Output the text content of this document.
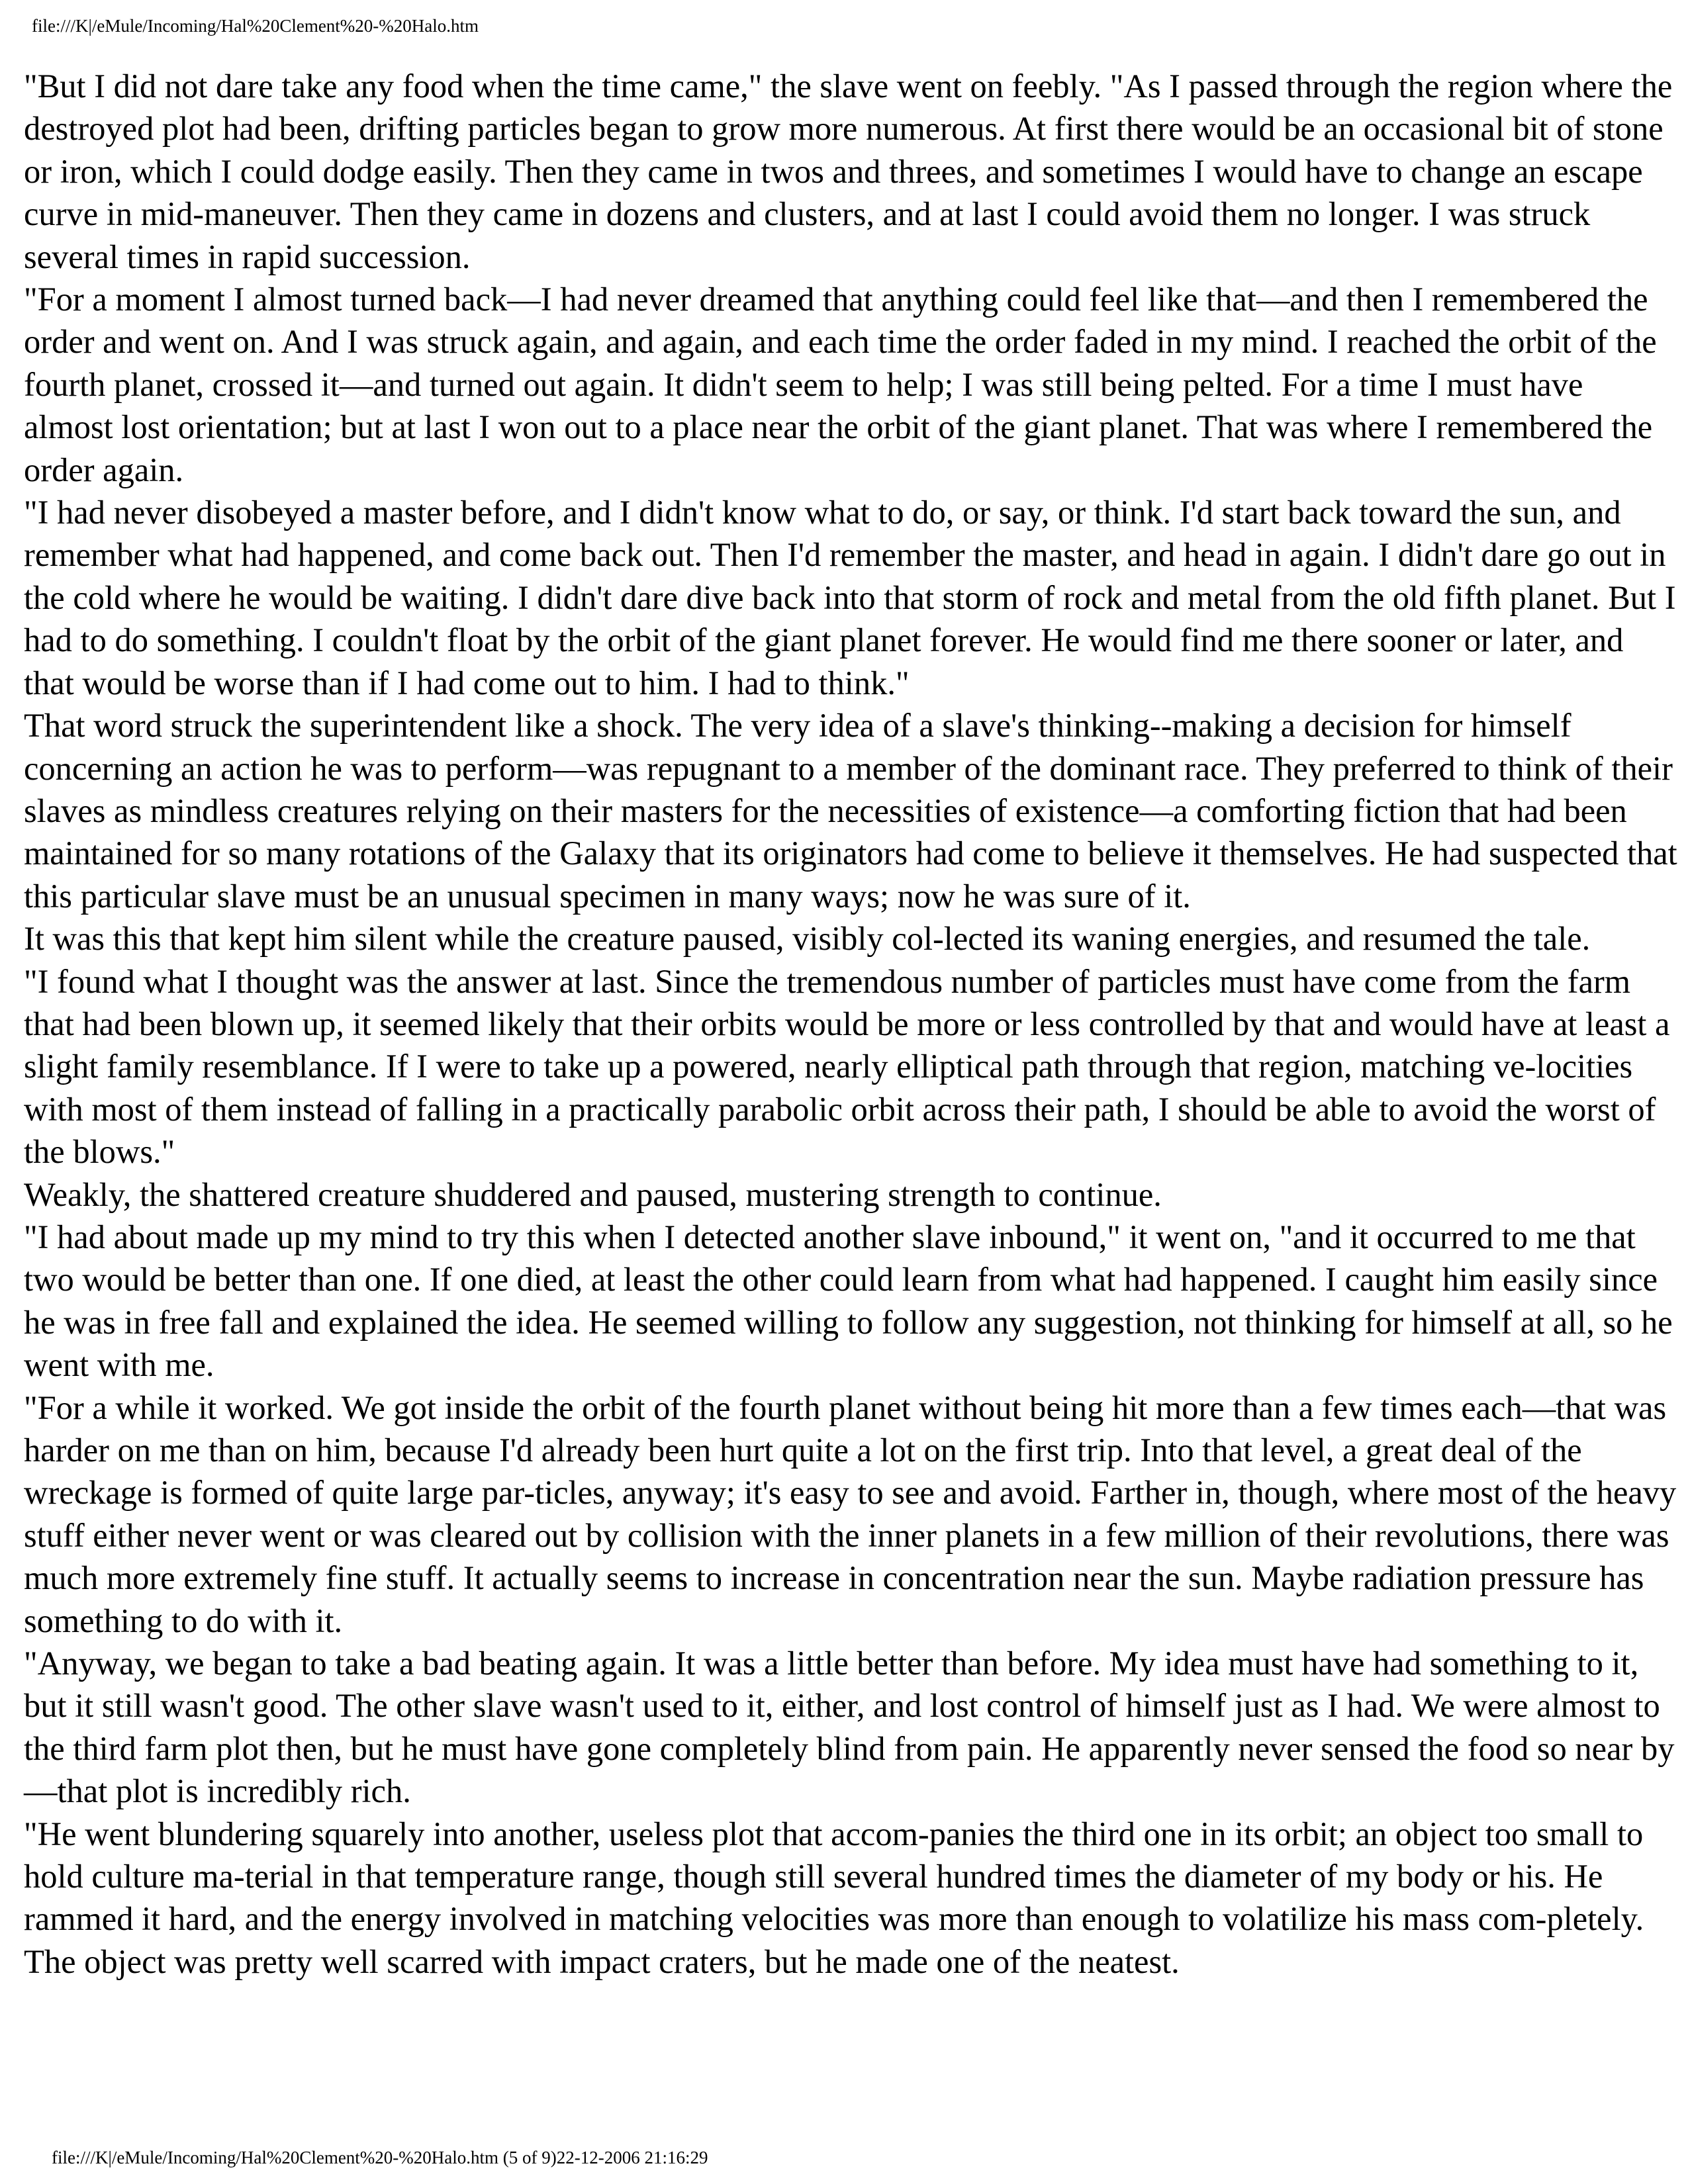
file:///K|/eMule/Incoming/Hal%20Clement%20-%20Halo.htm

"But I did not dare take any food when the time came," the slave went on feebly. "As I passed through the region where the destroyed plot had been, drifting particles began to grow more numerous. At first there would be an occasional bit of stone or iron, which I could dodge easily. Then they came in twos and threes, and sometimes I would have to change an escape curve in mid-maneuver. Then they came in dozens and clusters, and at last I could avoid them no longer. I was struck several times in rapid succession.

"For a moment I almost turned back—I had never dreamed that anything could feel like that—and then I remembered the order and went on. And I was struck again, and again, and each time the order faded in my mind. I reached the orbit of the fourth planet, crossed it—and turned out again. It didn't seem to help; I was still being pelted. For a time I must have almost lost orientation; but at last I won out to a place near the orbit of the giant planet. That was where I remembered the order again.

"I had never disobeyed a master before, and I didn't know what to do, or say, or think. I'd start back toward the sun, and remember what had happened, and come back out. Then I'd remember the master, and head in again. I didn't dare go out in the cold where he would be waiting. I didn't dare dive back into that storm of rock and metal from the old fifth planet. But I had to do something. I couldn't float by the orbit of the giant planet forever. He would find me there sooner or later, and that would be worse than if I had come out to him. I had to think."

That word struck the superintendent like a shock. The very idea of a slave's thinking--making a decision for himself concerning an action he was to perform—was repugnant to a member of the dominant race. They preferred to think of their slaves as mindless creatures relying on their masters for the necessities of existence—a comforting fiction that had been maintained for so many rotations of the Galaxy that its originators had come to believe it themselves. He had suspected that this particular slave must be an unusual specimen in many ways; now he was sure of it.

It was this that kept him silent while the creature paused, visibly col-lected its waning energies, and resumed the tale.

"I found what I thought was the answer at last. Since the tremendous number of particles must have come from the farm that had been blown up, it seemed likely that their orbits would be more or less controlled by that and would have at least a slight family resemblance. If I were to take up a powered, nearly elliptical path through that region, matching ve-locities with most of them instead of falling in a practically parabolic orbit across their path, I should be able to avoid the worst of the blows."

Weakly, the shattered creature shuddered and paused, mustering strength to continue.

"I had about made up my mind to try this when I detected another slave inbound," it went on, "and it occurred to me that two would be better than one. If one died, at least the other could learn from what had happened. I caught him easily since he was in free fall and explained the idea. He seemed willing to follow any suggestion, not thinking for himself at all, so he went with me.

"For a while it worked. We got inside the orbit of the fourth planet without being hit more than a few times each—that was harder on me than on him, because I'd already been hurt quite a lot on the first trip. Into that level, a great deal of the wreckage is formed of quite large par-ticles, anyway; it's easy to see and avoid. Farther in, though, where most of the heavy stuff either never went or was cleared out by collision with the inner planets in a few million of their revolutions, there was much more extremely fine stuff. It actually seems to increase in concentration near the sun. Maybe radiation pressure has something to do with it.

"Anyway, we began to take a bad beating again. It was a little better than before. My idea must have had something to it, but it still wasn't good. The other slave wasn't used to it, either, and lost control of himself just as I had. We were almost to the third farm plot then, but he must have gone completely blind from pain. He apparently never sensed the food so near by—that plot is incredibly rich.

"He went blundering squarely into another, useless plot that accom-panies the third one in its orbit; an object too small to hold culture ma-terial in that temperature range, though still several hundred times the diameter of my body or his. He rammed it hard, and the energy involved in matching velocities was more than enough to volatilize his mass com-pletely. The object was pretty well scarred with impact craters, but he made one of the neatest.

file:///K|/eMule/Incoming/Hal%20Clement%20-%20Halo.htm (5 of 9)22-12-2006 21:16:29
